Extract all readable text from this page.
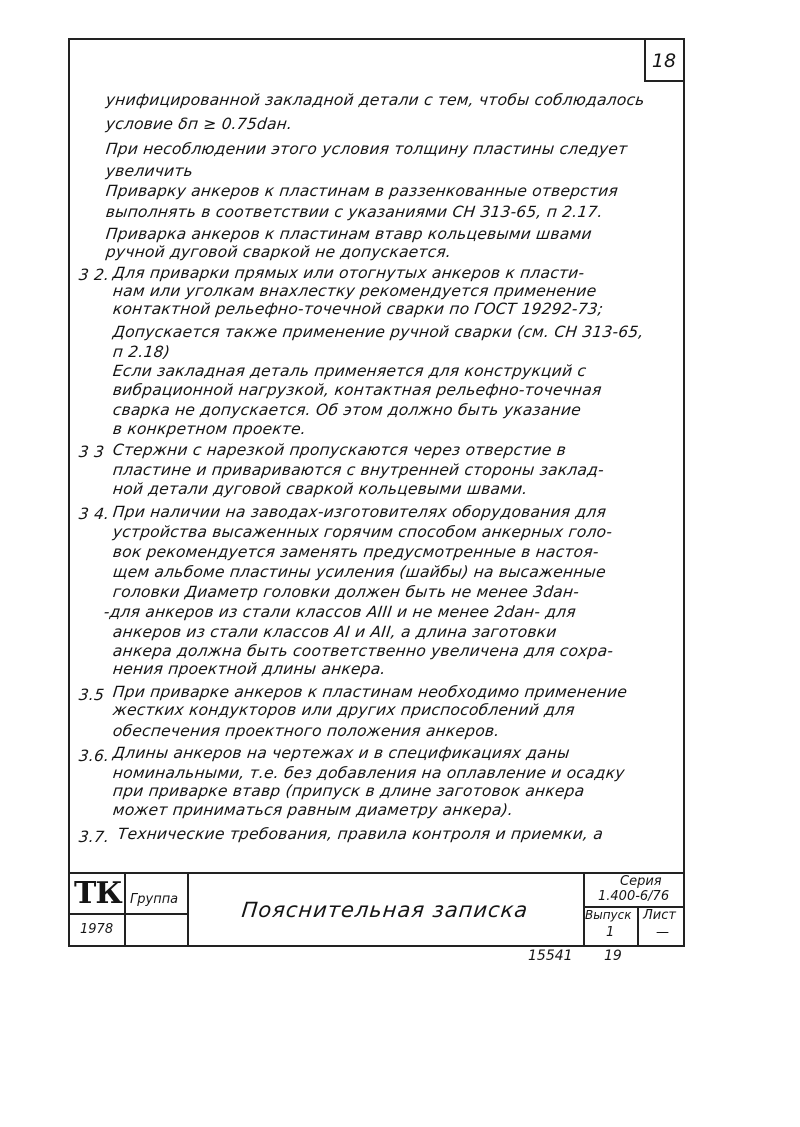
18
унифицированной закладной детали с тем, чтобы соблюдалось
условие δп ≥ 0.75dан.
При несоблюдении этого условия толщину пластины следует
увеличить
Приварку анкеров к пластинам в раззенкованные отверстия
выполнять в соответствии с указаниями СН 313-65, п 2.17.
Приварка анкеров к пластинам втавр кольцевыми швами
ручной дуговой сваркой не допускается.
3 2. Для приварки прямых или отогнутых анкеров к пласти-
нам или уголкам внахлестку рекомендуется применение
контактной рельефно-точечной сварки по ГОСТ 19292-73;
Допускается также применение ручной сварки (см. СН 313-65,
п 2.18)
Если закладная деталь применяется для конструкций с
вибрационной нагрузкой, контактная рельефно-точечная
сварка не допускается. Об этом должно быть указание
в конкретном проекте.
3 3 Стержни с нарезкой пропускаются через отверстие в
пластине и привариваются с внутренней стороны заклад-
ной детали дуговой сваркой кольцевыми швами.
3 4. При наличии на заводах-изготовителях оборудования для
устройства высаженных горячим способом анкерных голо-
вок рекомендуется заменять предусмотренные в настоя-
щем альбоме пластины усиления (шайбы) на высаженные
головки Диаметр головки должен быть не менее 3dан-
-для анкеров из стали классов АIII и не менее 2dан- для
анкеров из стали классов АI и АII, а длина заготовки
анкера должна быть соответственно увеличена для сохра-
нения проектной длины анкера.
3.5 При приварке анкеров к пластинам необходимо применение
жестких кондукторов или других приспособлений для
обеспечения проектного положения анкеров.
3.6. Длины анкеров на чертежах и в спецификациях даны
номинальными, т.е. без добавления на оплавление и осадку
при приварке втавр (припуск в длине заготовок анкера
может приниматься равным диаметру анкера).
3.7. Технические требования, правила контроля и приемки, а
ТК Группа
1978
Пояснительная записка
Серия
1.400-6/76
Выпуск
1
Лист
—
15541 19
